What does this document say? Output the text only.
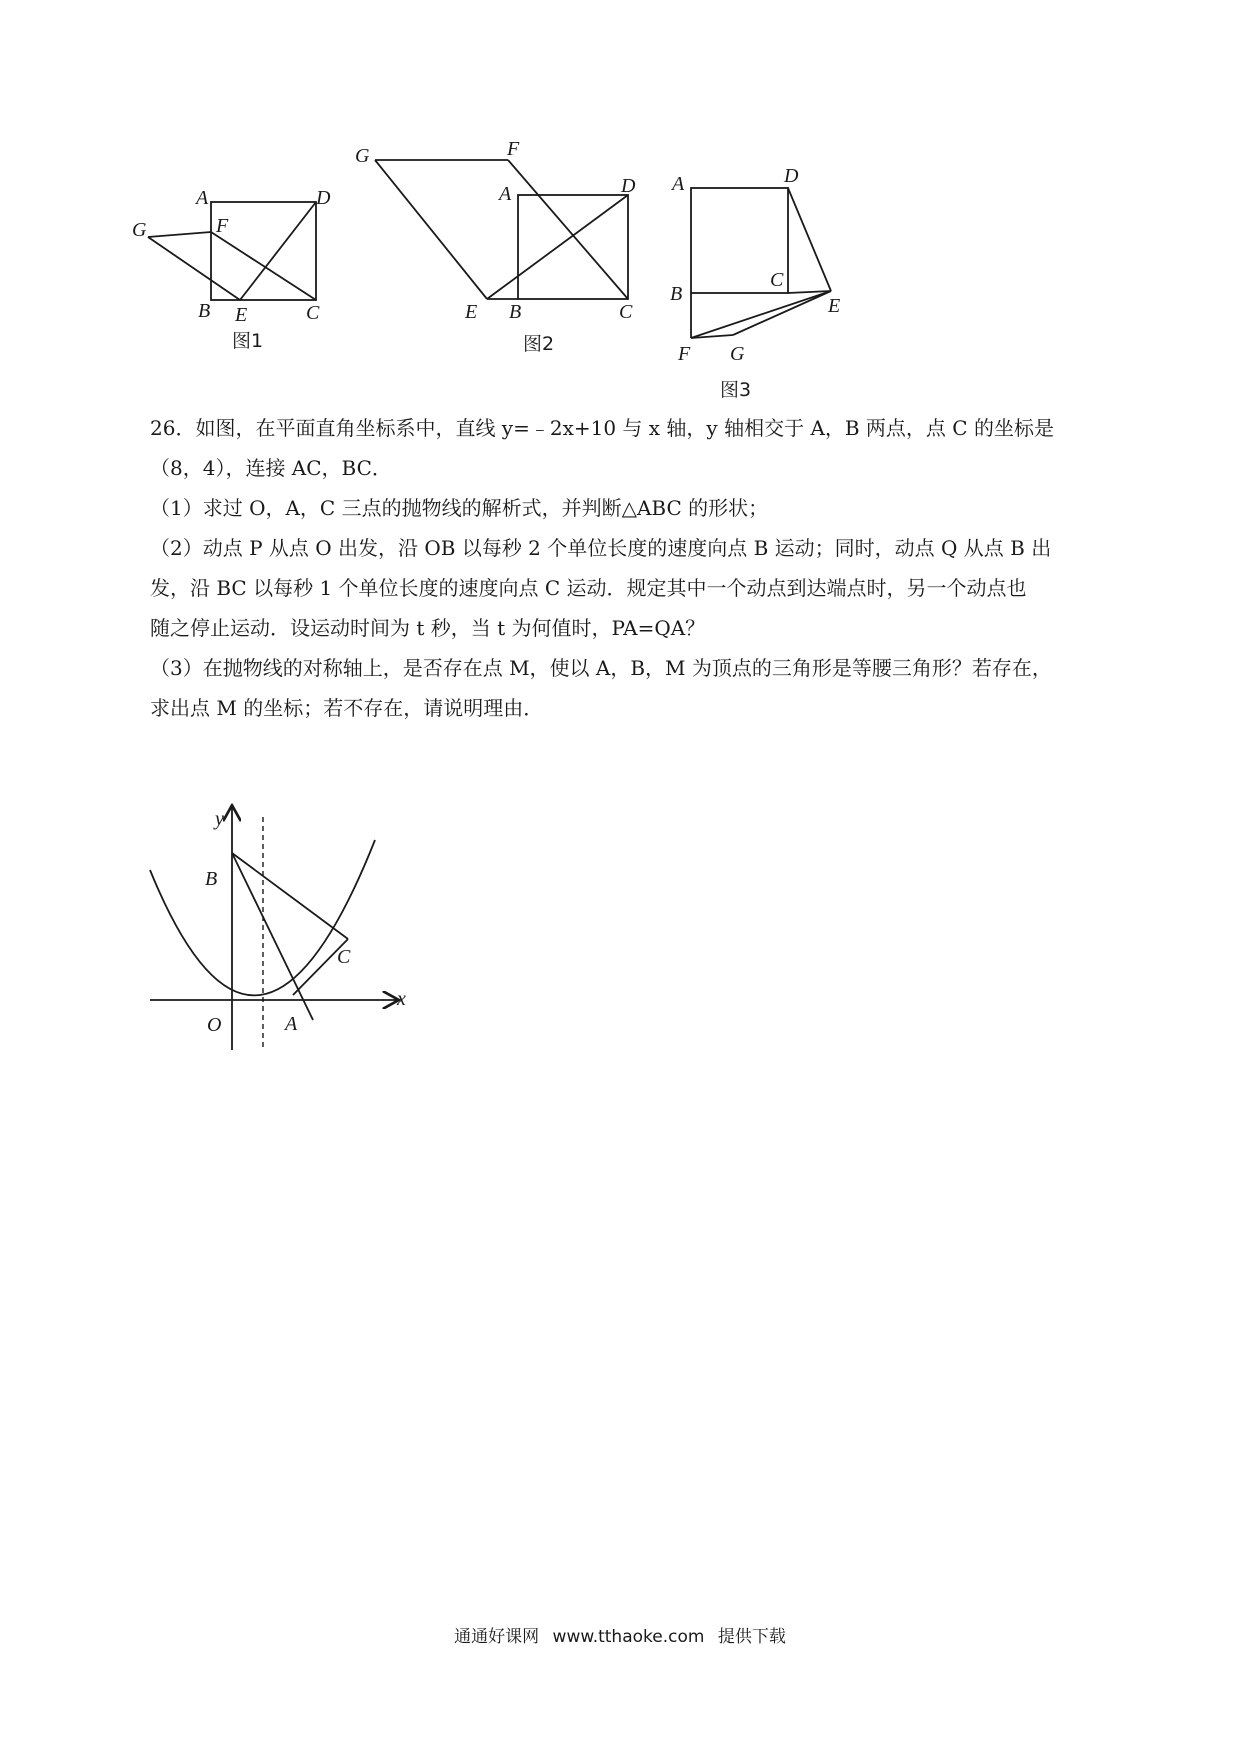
A	D
F
G
B E	C
图1
G	F
A	D
E B	C
图2
A	D
B
C
E
F G
图3

26．如图，在平面直角坐标系中，直线 y=﹣2x+10 与 x 轴，y 轴相交于 A，B 两点，点 C 的坐标是

（8，4），连接 AC，BC．

（1）求过 O，A，C 三点的抛物线的解析式，并判断△ABC 的形状；

（2）动点 P 从点 O 出发，沿 OB 以每秒 2 个单位长度的速度向点 B 运动；同时，动点 Q 从点 B 出

发，沿 BC 以每秒 1 个单位长度的速度向点 C 运动．规定其中一个动点到达端点时，另一个动点也

随之停止运动．设运动时间为 t 秒，当 t 为何值时，PA=QA？

（3）在抛物线的对称轴上，是否存在点 M，使以 A，B，M 为顶点的三角形是等腰三角形？若存在，

求出点 M 的坐标；若不存在，请说明理由．

y
x
O	A
B
C
通通好课网 www.tthaoke.com 提供下载
